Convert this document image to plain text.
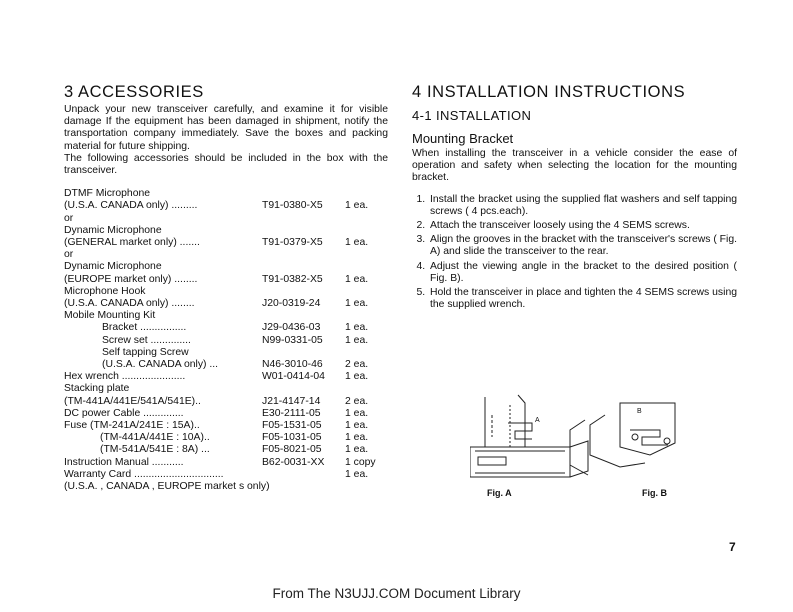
3 ACCESSORIES

Unpack your new transceiver carefully, and examine it for visible damage If the equipment has been damaged in shipment, notify the transportation company immediately. Save the boxes and packing material for future shipping.

The following accessories should be included in the box with the transceiver.

DTMF Microphone
(U.S.A. CANADA only) .........	T91-0380-X5	1 ea.
or
Dynamic Microphone
(GENERAL market only) .......	T91-0379-X5	1 ea.
or
Dynamic Microphone
(EUROPE market only) ........	T91-0382-X5	1 ea.
Microphone Hook
(U.S.A. CANADA only) ........	J20-0319-24	1 ea.
Mobile Mounting Kit
Bracket ................	J29-0436-03	1 ea.
Screw set ..............	N99-0331-05	1 ea.
Self tapping Screw
(U.S.A. CANADA only) ...	N46-3010-46	2 ea.
Hex wrench ......................	W01-0414-04	1 ea.
Stacking plate
(TM-441A/441E/541A/541E)..	J21-4147-14	2 ea.
DC power Cable ..............	E30-2111-05	1 ea.
Fuse (TM-241A/241E : 15A)..	F05-1531-05	1 ea.
(TM-441A/441E : 10A)..	F05-1031-05	1 ea.
(TM-541A/541E : 8A) ...	F05-8021-05	1 ea.
Instruction Manual ...........	B62-0031-XX	1 copy
Warranty Card ...............................	1 ea.
(U.S.A. , CANADA , EUROPE market s only)
4 INSTALLATION INSTRUCTIONS
4-1 INSTALLATION
Mounting Bracket

When installing the transceiver in a vehicle consider the ease of operation and safety when selecting the location for the mounting bracket.

1. Install the bracket using the supplied flat washers and self tapping screws ( 4 pcs.each).
2. Attach the transceiver loosely using the 4 SEMS screws.
3. Align the grooves in the bracket with the transceiver's screws ( Fig. A) and slide the transceiver to the rear.
4. Adjust the viewing angle in the bracket to the desired position ( Fig. B).
5. Hold the transceiver in place and tighten the 4 SEMS screws using the supplied wrench.
A
B
Fig. A	Fig. B
7
From The N3UJJ.COM Document Library
